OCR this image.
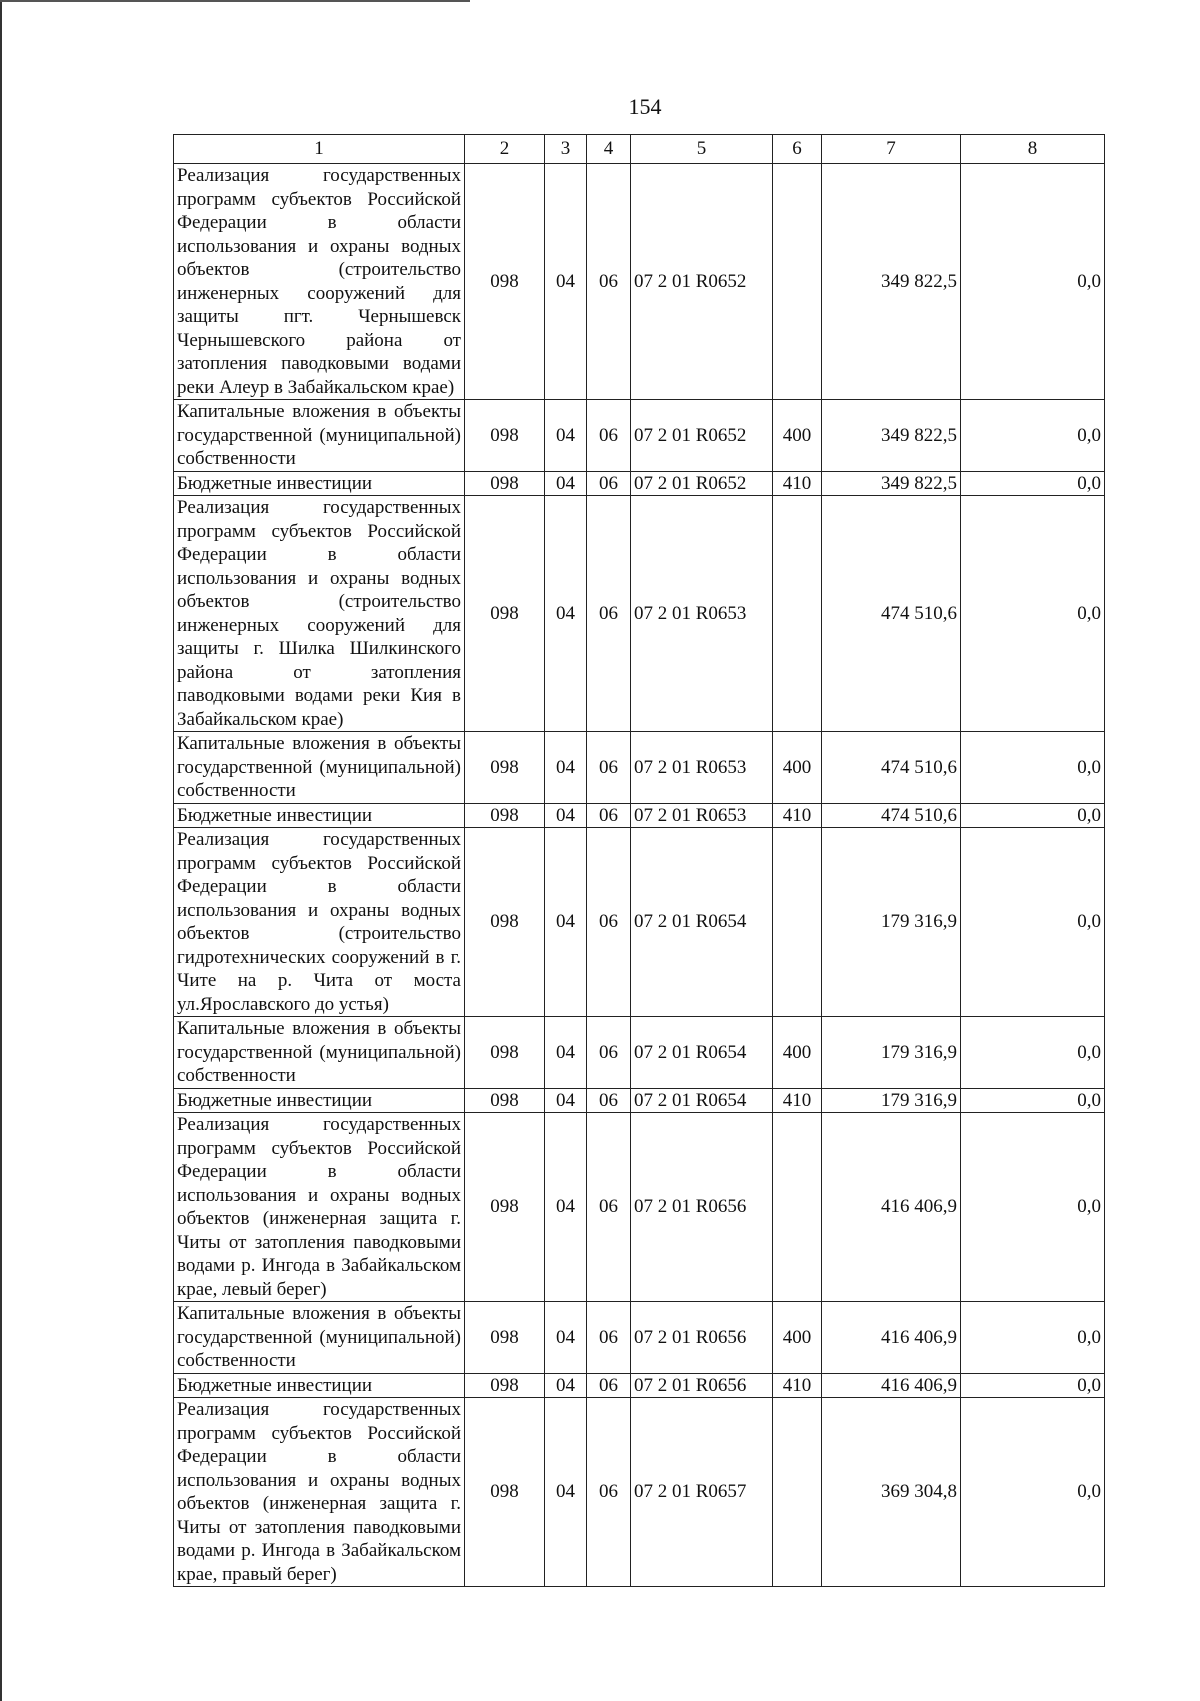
154
1	2	3	4	5	6	7	8
Реализация государственных программ субъектов Российской Федерации в области использования и охраны водных объектов (строительство инженерных сооружений для защиты пгт. Чернышевск Чернышевского района от затопления паводковыми водами реки Алеур в Забайкальском крае)	098	04	06	07 2 01 R0652		349 822,5	0,0
Капитальные вложения в объекты государственной (муниципальной) собственности	098	04	06	07 2 01 R0652	400	349 822,5	0,0
Бюджетные инвестиции	098	04	06	07 2 01 R0652	410	349 822,5	0,0
Реализация государственных программ субъектов Российской Федерации в области использования и охраны водных объектов (строительство инженерных сооружений для защиты г. Шилка Шилкинского района от затопления паводковыми водами реки Кия в Забайкальском крае)	098	04	06	07 2 01 R0653		474 510,6	0,0
Капитальные вложения в объекты государственной (муниципальной) собственности	098	04	06	07 2 01 R0653	400	474 510,6	0,0
Бюджетные инвестиции	098	04	06	07 2 01 R0653	410	474 510,6	0,0
Реализация государственных программ субъектов Российской Федерации в области использования и охраны водных объектов (строительство гидротехнических сооружений в г. Чите на р. Чита от моста ул.Ярославского до устья)	098	04	06	07 2 01 R0654		179 316,9	0,0
Капитальные вложения в объекты государственной (муниципальной) собственности	098	04	06	07 2 01 R0654	400	179 316,9	0,0
Бюджетные инвестиции	098	04	06	07 2 01 R0654	410	179 316,9	0,0
Реализация государственных программ субъектов Российской Федерации в области использования и охраны водных объектов (инженерная защита г. Читы от затопления паводковыми водами р. Ингода в Забайкальском крае, левый берег)	098	04	06	07 2 01 R0656		416 406,9	0,0
Капитальные вложения в объекты государственной (муниципальной) собственности	098	04	06	07 2 01 R0656	400	416 406,9	0,0
Бюджетные инвестиции	098	04	06	07 2 01 R0656	410	416 406,9	0,0
Реализация государственных программ субъектов Российской Федерации в области использования и охраны водных объектов (инженерная защита г. Читы от затопления паводковыми водами р. Ингода в Забайкальском крае, правый берег)	098	04	06	07 2 01 R0657		369 304,8	0,0
